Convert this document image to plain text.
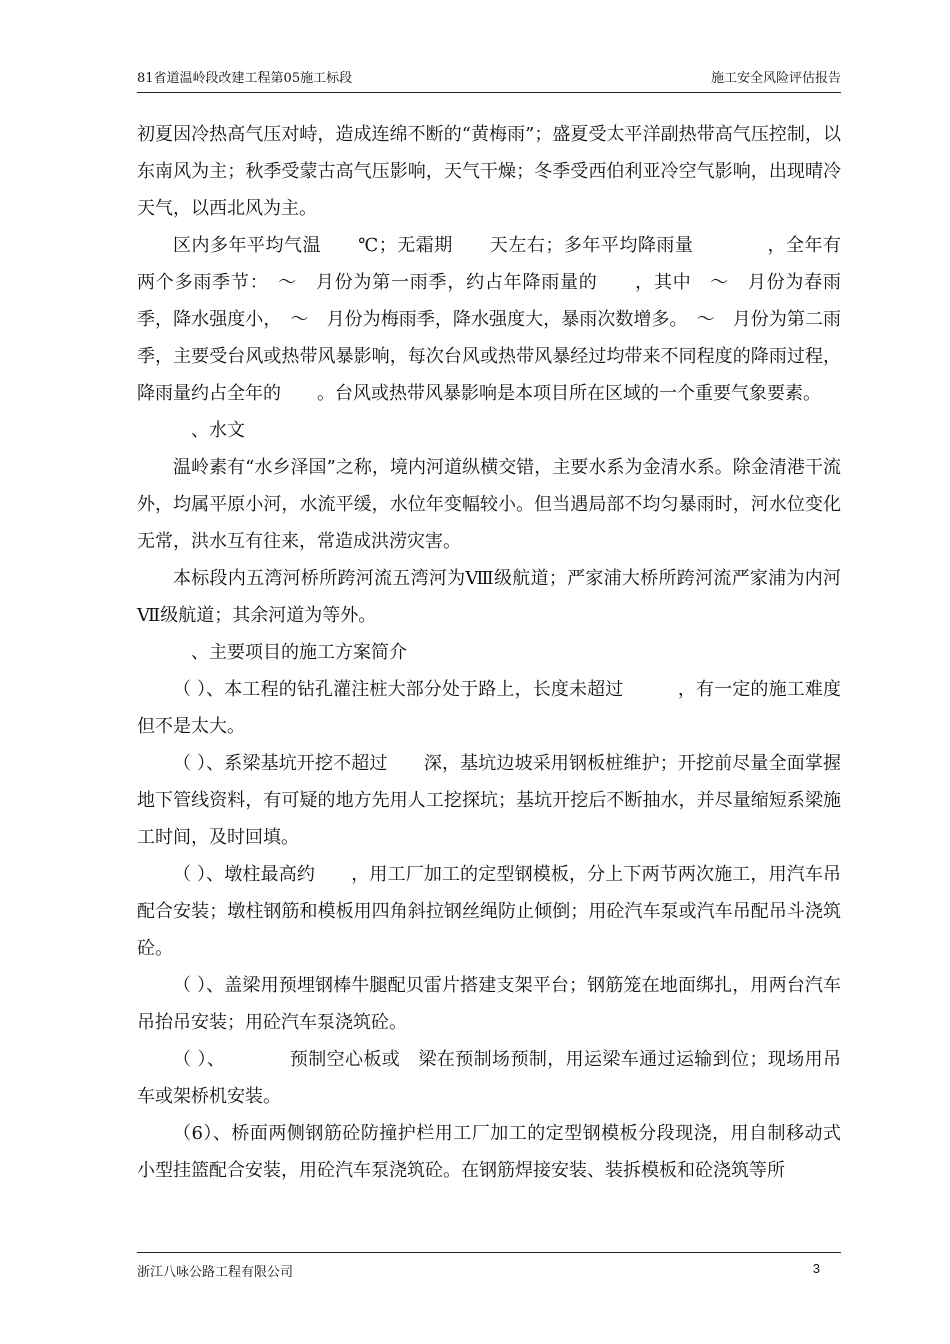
81省道温岭段改建工程第05施工标段	施工安全风险评估报告

初夏因冷热高气压对峙，造成连绵不断的“黄梅雨”；盛夏受太平洋副热带高气压控制，以东南风为主；秋季受蒙古高气压影响，天气干燥；冬季受西伯利亚冷空气影响，出现晴冷天气，以西北风为主。

区内多年平均气温　　℃；无霜期　　天左右；多年平均降雨量　　　　，全年有两个多雨季节：　～　月份为第一雨季，约占年降雨量的　　，其中　～　月份为春雨季，降水强度小，　～　月份为梅雨季，降水强度大，暴雨次数增多。　～　月份为第二雨季，主要受台风或热带风暴影响，每次台风或热带风暴经过均带来不同程度的降雨过程，降雨量约占全年的　　。台风或热带风暴影响是本项目所在区域的一个重要气象要素。

　、水文

温岭素有“水乡泽国”之称，境内河道纵横交错，主要水系为金清水系。除金清港干流外，均属平原小河，水流平缓，水位年变幅较小。但当遇局部不均匀暴雨时，河水位变化无常，洪水互有往来，常造成洪涝灾害。

本标段内五湾河桥所跨河流五湾河为Ⅷ级航道；严家浦大桥所跨河流严家浦为内河Ⅶ级航道；其余河道为等外。

　、主要项目的施工方案简介

（ ）、本工程的钻孔灌注桩大部分处于路上，长度未超过　　　，有一定的施工难度但不是太大。

（ ）、系梁基坑开挖不超过　　深，基坑边坡采用钢板桩维护；开挖前尽量全面掌握地下管线资料，有可疑的地方先用人工挖探坑；基坑开挖后不断抽水，并尽量缩短系梁施工时间，及时回填。

（ ）、墩柱最高约　　，用工厂加工的定型钢模板，分上下两节两次施工，用汽车吊配合安装；墩柱钢筋和模板用四角斜拉钢丝绳防止倾倒；用砼汽车泵或汽车吊配吊斗浇筑砼。

（ ）、盖梁用预埋钢棒牛腿配贝雷片搭建支架平台；钢筋笼在地面绑扎，用两台汽车吊抬吊安装；用砼汽车泵浇筑砼。

（ ）、　　　　预制空心板或　梁在预制场预制，用运梁车通过运输到位；现场用吊车或架桥机安装。

（6）、桥面两侧钢筋砼防撞护栏用工厂加工的定型钢模板分段现浇，用自制移动式小型挂篮配合安装，用砼汽车泵浇筑砼。在钢筋焊接安装、装拆模板和砼浇筑等所

浙江八咏公路工程有限公司	3
